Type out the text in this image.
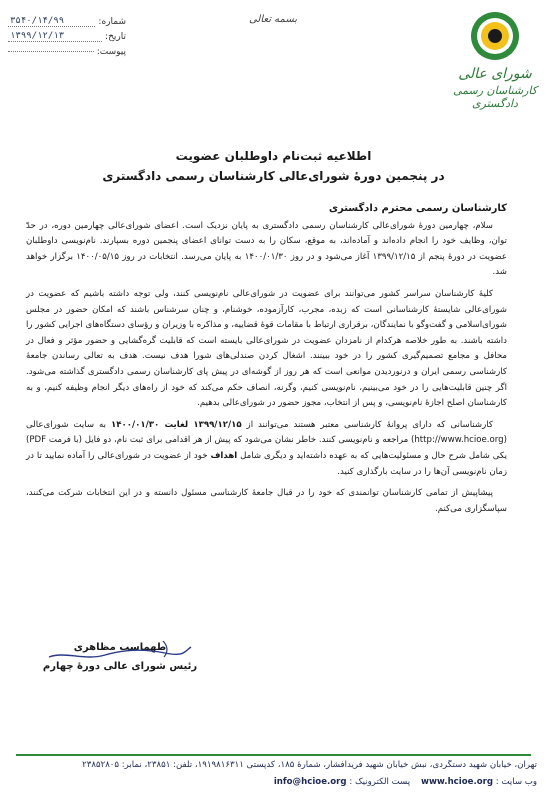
شماره:
۳۵۴۰/۱۴/۹۹
تاریخ:
۱۳۹۹/۱۲/۱۳
پیوست:
بسمه تعالی
شورای عالی
کارشناسان رسمی دادگستری
اطلاعیه ثبت‌نام داوطلبان عضویت
در پنجمین دورهٔ شورای‌عالی کارشناسان رسمی دادگستری
کارشناسان رسمی محترم دادگستری

سلام، چهارمین دورهٔ شورای‌عالی کارشناسان رسمی دادگستری به پایان نزدیک است. اعضای شورای‌عالی چهارمین دوره، در حدّ توان، وظایف خود را انجام داده‌اند و آماده‌اند، به موقع، سکان را به دست توانای اعضای پنجمین دوره بسپارند. نام‌نویسی داوطلبان عضویت در دورهٔ پنجم از ۱۳۹۹/۱۲/۱۵ آغاز می‌شود و در روز ۱۴۰۰/۰۱/۳۰ به پایان می‌رسد. انتخابات در روز ۱۴۰۰/۰۵/۱۵ برگزار خواهد شد.

کلیهٔ کارشناسان سراسر کشور می‌توانند برای عضویت در شورای‌عالی نام‌نویسی کنند، ولی توجه داشته باشیم که عضویت در شورای‌عالی شایستهٔ کارشناسانی است که زبده، مجرب، کارآزموده، خوشنام، و چنان سرشناس باشند که امکان حضور در مجلس شورای‌اسلامی و گفت‌وگو با نمایندگان، برقراری ارتباط با مقامات قوهٔ قضاییه، و مذاکره با وزیران و رؤسای دستگاه‌های اجرایی کشور را داشته باشند. به طور خلاصه هرکدام از نامزدان عضویت در شورای‌عالی بایسته است که قابلیت گره‌گشایی و حضور مؤثر و فعال در محافل و مجامع تصمیم‌گیری کشور را در خود ببینند. اشغال کردن صندلی‌های شورا هدف نیست. هدف به تعالی رساندن جامعهٔ کارشناسی رسمی ایران و درنوردیدن موانعی است که هر روز از گوشه‌ای در پیش پای کارشناسان رسمی دادگستری گذاشته می‌شود. اگر چنین قابلیت‌هایی را در خود می‌بینیم، نام‌نویسی کنیم، وگرنه، انصاف حکم می‌کند که خود از راه‌های دیگر انجام وظیفه کنیم، و به کارشناسان اصلح اجازهٔ نام‌نویسی، و پس از انتخاب، مجوز حضور در شورای‌عالی بدهیم.

کارشناسانی که دارای پروانهٔ کارشناسی معتبر هستند می‌توانند از ۱۳۹۹/۱۲/۱۵ لغایت ۱۴۰۰/۰۱/۳۰ به سایت شورای‌عالی (http://www.hcioe.org) مراجعه و نام‌نویسی کنند. خاطر نشان می‌شود که پیش از هر اقدامی برای ثبت نام، دو فایل (با فرمت PDF) یکی شامل شرح حال و مسئولیت‌هایی که به عهده داشته‌اید و دیگری شامل اهداف خود از عضویت در شورای‌عالی را آماده نمایید تا در زمان نام‌نویسی آن‌ها را در سایت بارگذاری کنید.

پیشاپیش از تمامی کارشناسان توانمندی که خود را در قبال جامعهٔ کارشناسی مسئول دانسته و در این انتخابات شرکت می‌کنند، سپاسگزاری می‌کنم.

طهماسب مظاهری
رئیس شورای عالی دورهٔ چهارم
تهران، خیابان شهید دستگردی، نبش خیابان شهید فریدافشار، شمارهٔ ۱۸۵، کدپستی ۱۹۱۹۸۱۶۳۱۱، تلفن: ۲۳۸۵۱، نمابر: ۲۳۸۵۲۸۰۵
وب سایت : www.hcioe.org    پست الکترونیک : info@hcioe.org
